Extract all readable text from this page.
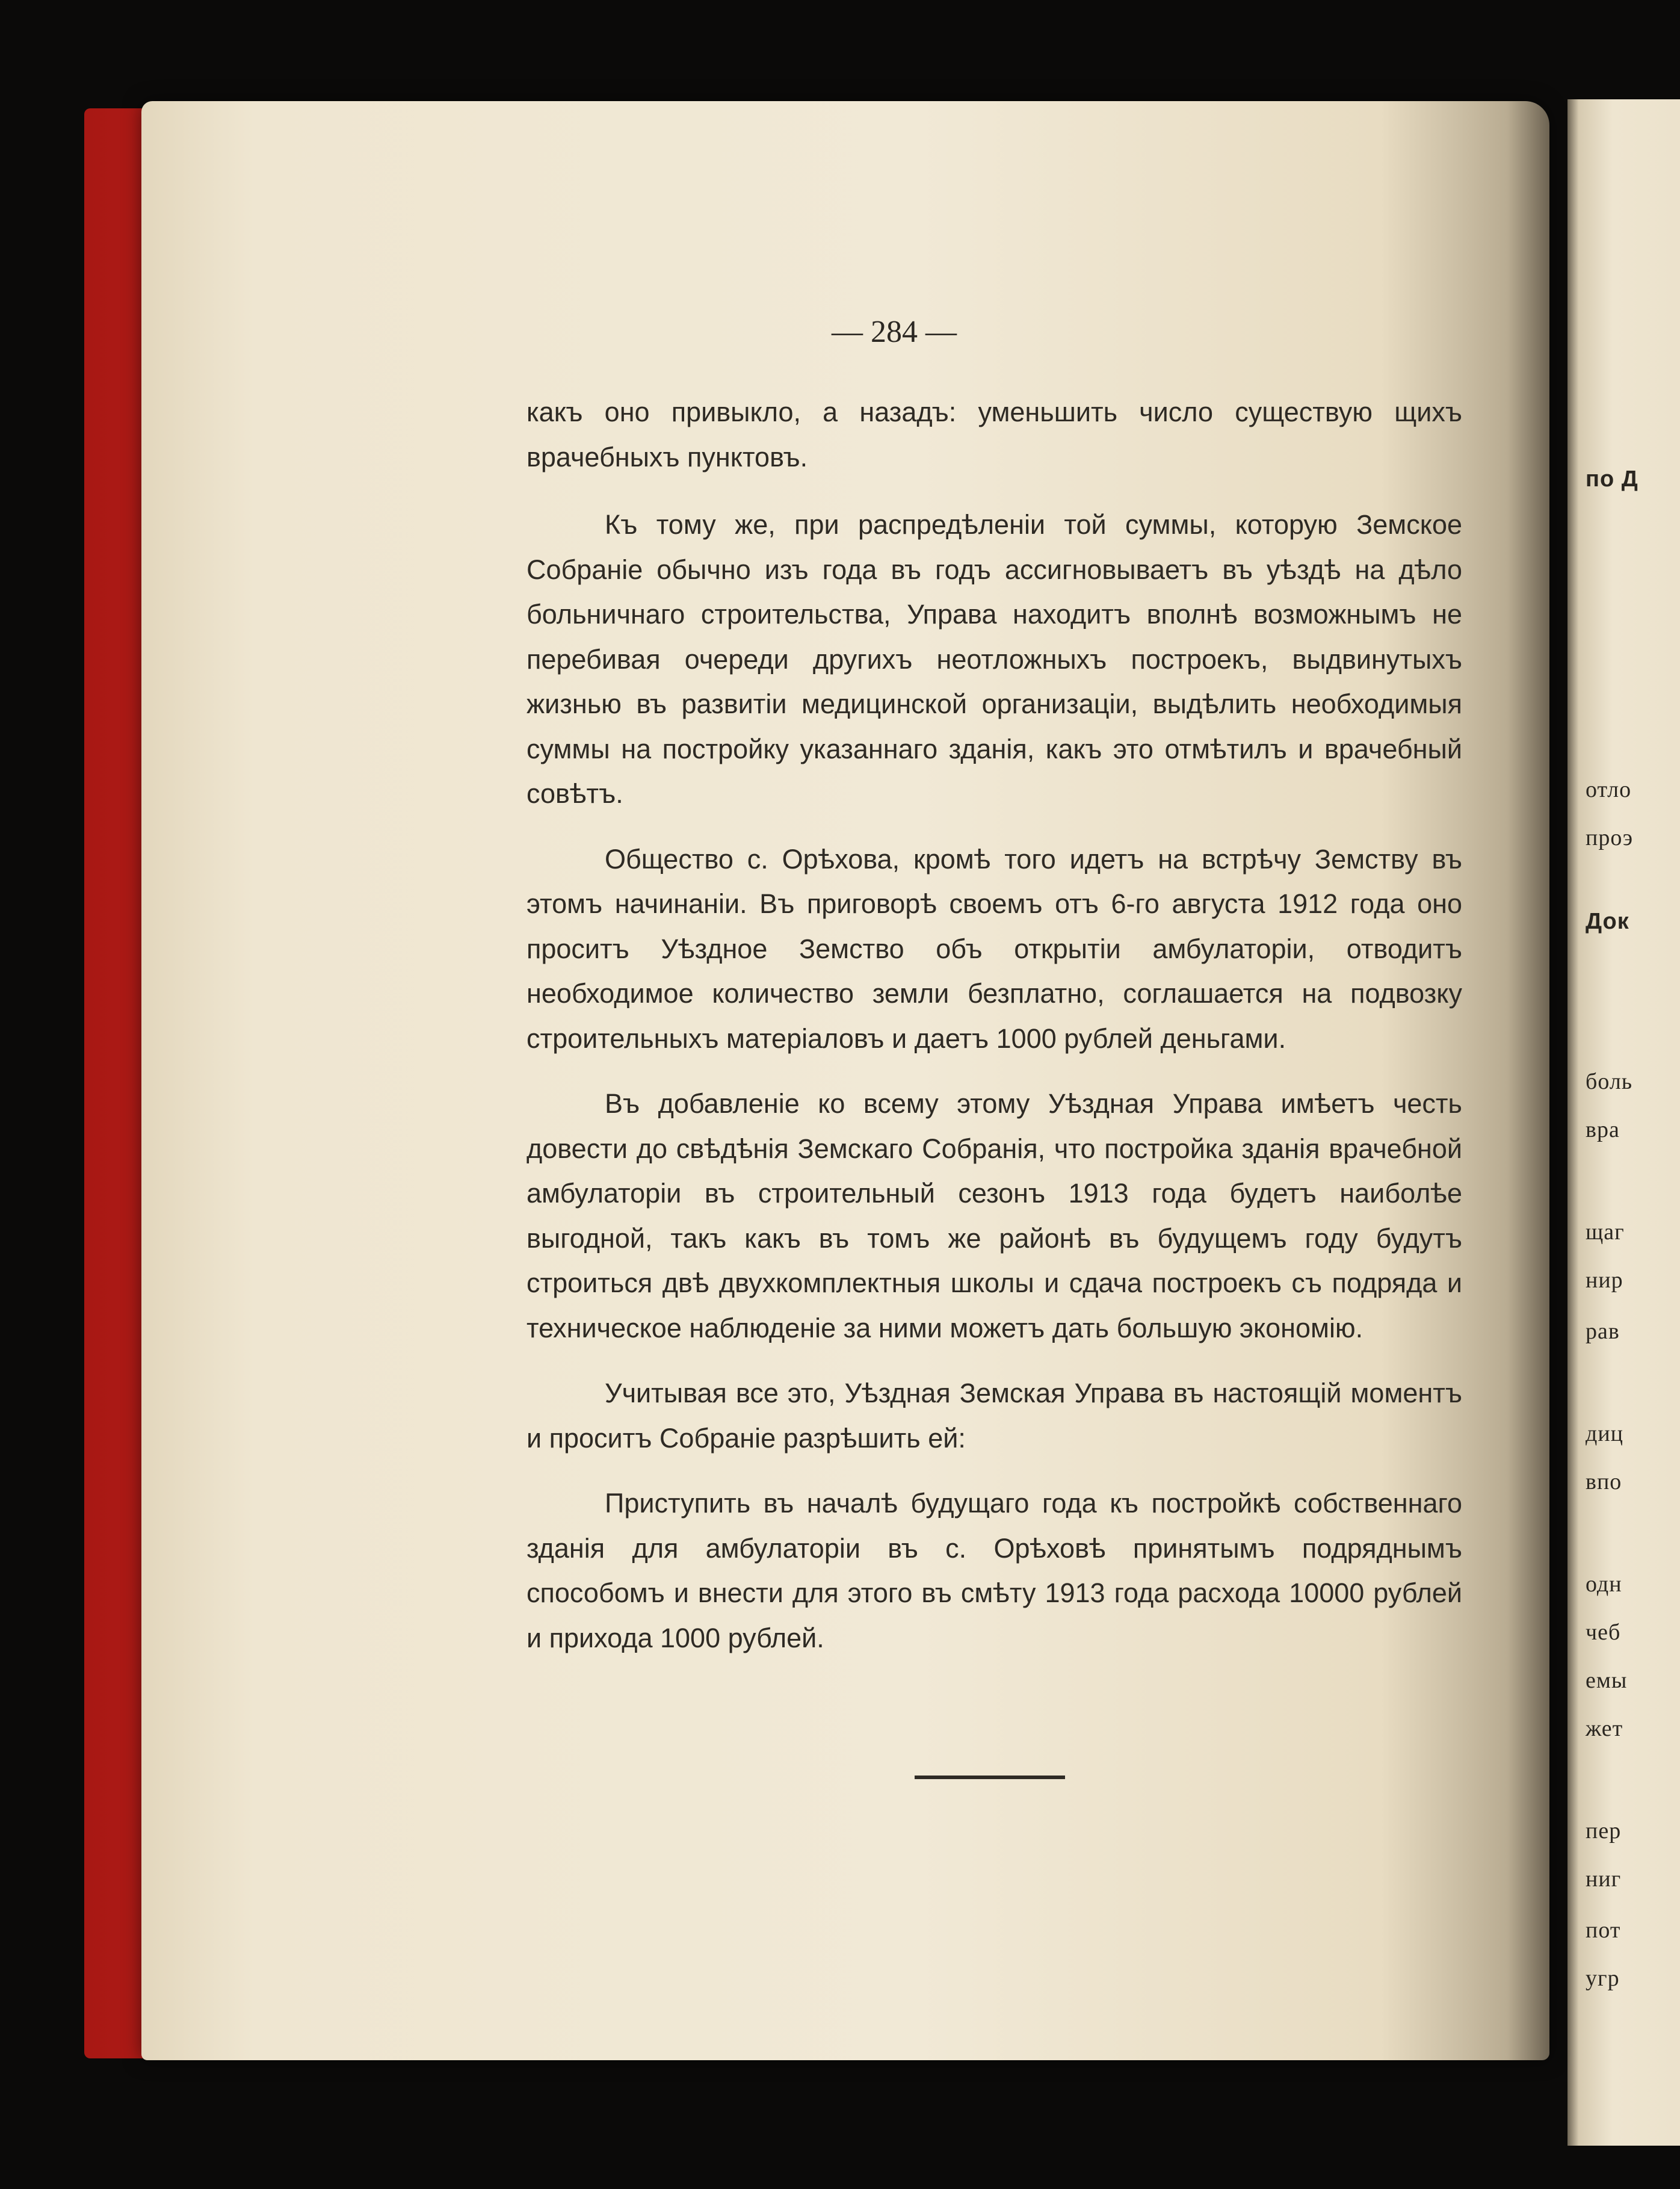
по Д
отло
проэ
Док
боль
вра
щаг
нир
рав
диц
впо
одн
чеб
емы
жет
пер
ниг
пот
угр
— 284 —

какъ оно привыкло, а назадъ: уменьшить число существую щихъ врачебныхъ пунктовъ.

Къ тому же, при распредѣленіи той суммы, которую Земское Собраніе обычно изъ года въ годъ ассигновываетъ въ уѣздѣ на дѣло больничнаго строительства, Управа находитъ вполнѣ возможнымъ не перебивая очереди другихъ неотложныхъ построекъ, выдвинутыхъ жизнью въ развитіи медицинской организаціи, выдѣлить необходимыя суммы на постройку указаннаго зданія, какъ это отмѣтилъ и врачебный совѣтъ.

Общество с. Орѣхова, кромѣ того идетъ на встрѣчу Земству въ этомъ начинаніи. Въ приговорѣ своемъ отъ 6-го августа 1912 года оно проситъ Уѣздное Земство объ открытіи амбулаторіи, отводитъ необходимое количество земли безплатно, соглашается на подвозку строительныхъ матеріаловъ и даетъ 1000 рублей деньгами.

Въ добавленіе ко всему этому Уѣздная Управа имѣетъ честь довести до свѣдѣнія Земскаго Собранія, что постройка зданія врачебной амбулаторіи въ строительный сезонъ 1913 года будетъ наиболѣе выгодной, такъ какъ въ томъ же районѣ въ будущемъ году будутъ строиться двѣ двухкомплектныя школы и сдача построекъ съ подряда и техническое наблюденіе за ними можетъ дать большую экономію.

Учитывая все это, Уѣздная Земская Управа въ настоящій моментъ и проситъ Собраніе разрѣшить ей:

Приступить въ началѣ будущаго года къ постройкѣ собственнаго зданія для амбулаторіи въ с. Орѣховѣ принятымъ подряднымъ способомъ и внести для этого въ смѣту 1913 года расхода 10000 рублей и прихода 1000 рублей.
